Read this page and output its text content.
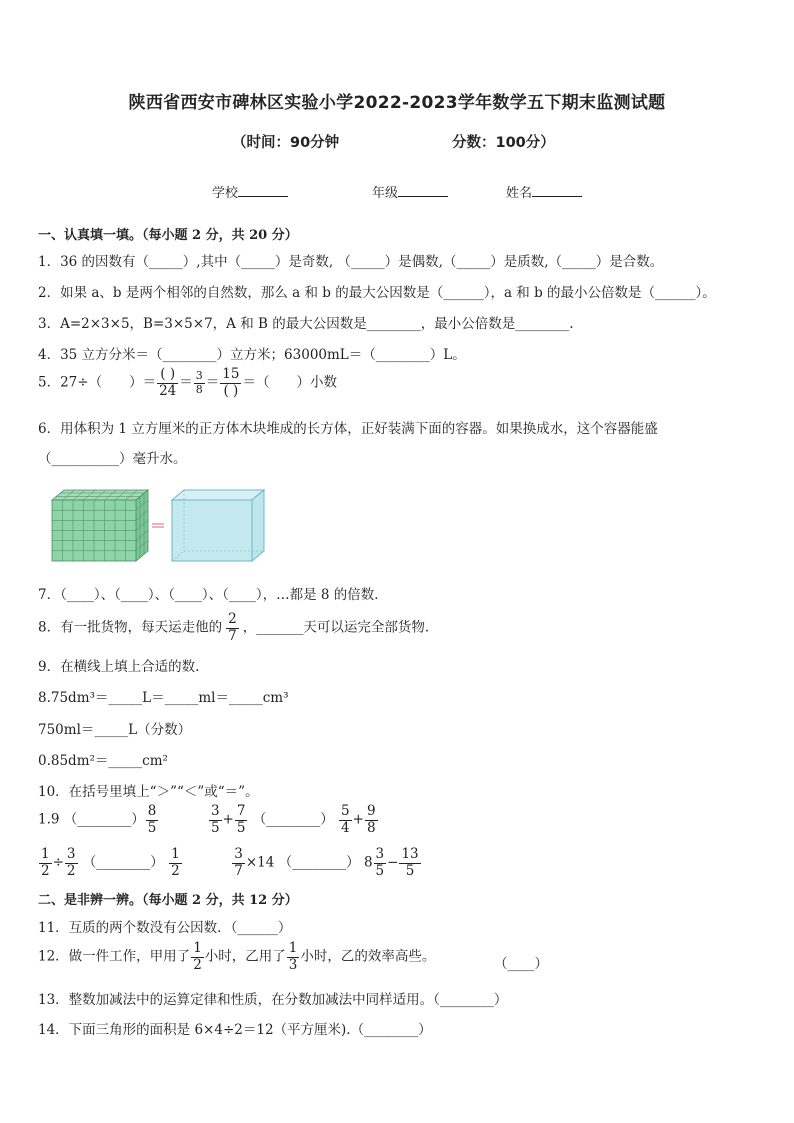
陕西省西安市碑林区实验小学2022-2023学年数学五下期末监测试题
（时间：90分钟	分数：100分）
学校	年级	姓名
一、认真填一填。（每小题 2 分，共 20 分）
1．36 的因数有（_____）,其中（_____）是奇数, （_____）是偶数,（_____）是质数,（_____）是合数。
2．如果 a、b 是两个相邻的自然数，那么 a 和 b 的最大公因数是（______），a 和 b 的最小公倍数是（______）。
3．A=2×3×5，B=3×5×7，A 和 B 的最大公因数是________，最小公倍数是________.
4．35 立方分米＝（________）立方米；63000mL＝（________）L。
5．27÷（　　）＝ $\frac{( )}{24} = \frac{3}{8} = \frac{15}{( )}$ ＝（　　）小数
6．用体积为 1 立方厘米的正方体木块堆成的长方体，正好装满下面的容器。如果换成水，这个容器能盛
（__________）毫升水。
7．（____）、（____）、（____）、（____），…都是 8 的倍数．
8．有一批货物，每天运走他的 $\frac{2}{7}$ ，_______天可以运完全部货物.
9．在横线上填上合适的数.
8.75dm³＝_____L＝_____ml＝_____cm³
750ml＝_____L（分数）
0.85dm²＝_____cm²
10．在括号里填上“＞”“＜”或“＝”。
1.9 （________） $\frac{8}{5}$
	$\frac{3}{5} + \frac{7}{5}$ （________） $\frac{5}{4} + \frac{9}{8}$
$\frac{1}{2} \div \frac{3}{2}$ （________） $\frac{1}{2}$
	$\frac{3}{7} \times 14$ （________） $8 \frac{3}{5} - \frac{13}{5}$
二、是非辨一辨。（每小题 2 分，共 12 分）
11．互质的两个数没有公因数．（______）
12．做一件工作，甲用了 $\frac{1}{2}$ 小时，乙用了 $\frac{1}{3}$ 小时，乙的效率高些。	（____）
13．整数加减法中的运算定律和性质，在分数加减法中同样适用。（________）
14．下面三角形的面积是 6×4÷2＝12（平方厘米).（________）
